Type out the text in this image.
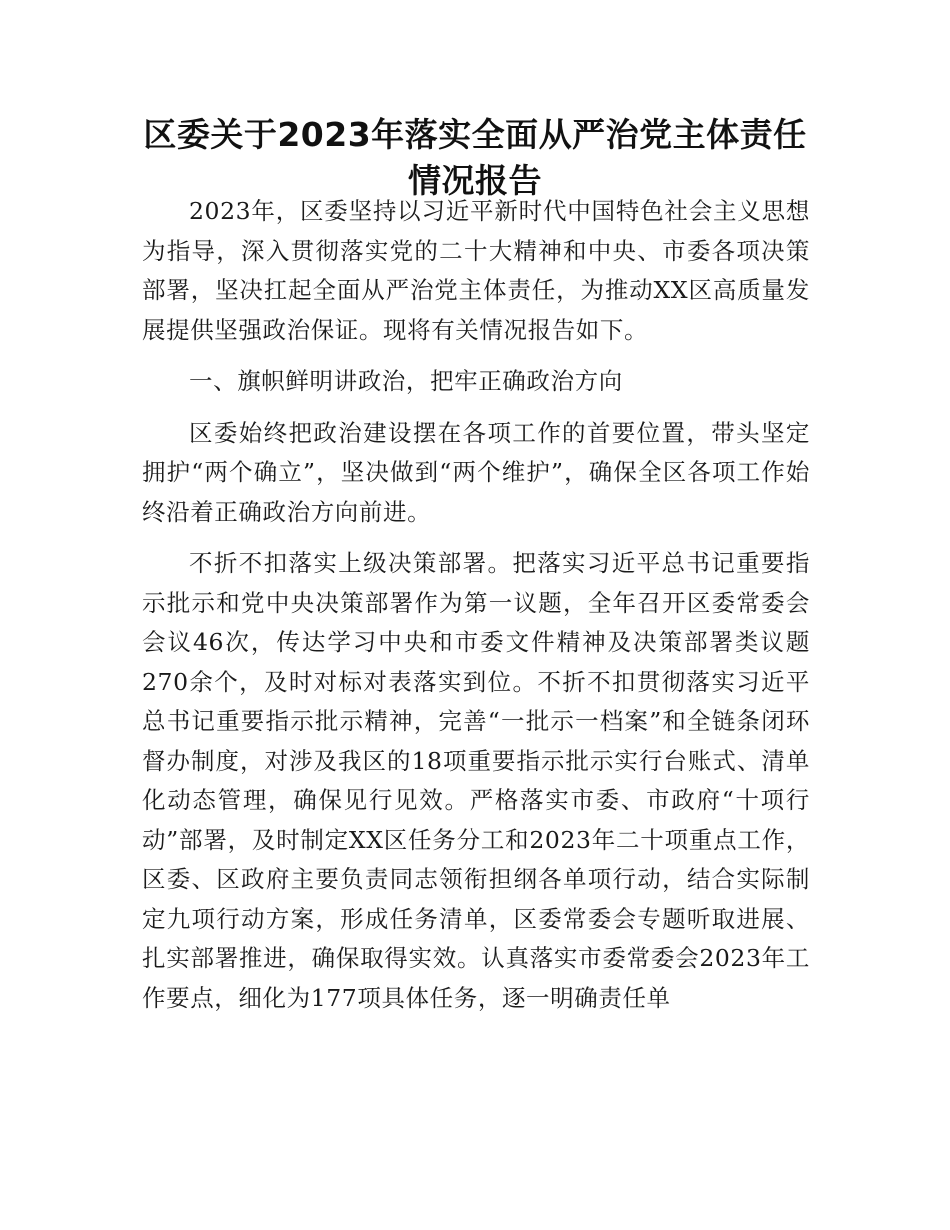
区委关于2023年落实全面从严治党主体责任情况报告

2023年，区委坚持以习近平新时代中国特色社会主义思想为指导，深入贯彻落实党的二十大精神和中央、市委各项决策部署，坚决扛起全面从严治党主体责任，为推动XX区高质量发展提供坚强政治保证。现将有关情况报告如下。

一、旗帜鲜明讲政治，把牢正确政治方向

区委始终把政治建设摆在各项工作的首要位置，带头坚定拥护“两个确立”，坚决做到“两个维护”，确保全区各项工作始终沿着正确政治方向前进。

不折不扣落实上级决策部署。把落实习近平总书记重要指示批示和党中央决策部署作为第一议题，全年召开区委常委会会议46次，传达学习中央和市委文件精神及决策部署类议题270余个，及时对标对表落实到位。不折不扣贯彻落实习近平总书记重要指示批示精神，完善“一批示一档案”和全链条闭环督办制度，对涉及我区的18项重要指示批示实行台账式、清单化动态管理，确保见行见效。严格落实市委、市政府“十项行动”部署，及时制定XX区任务分工和2023年二十项重点工作，区委、区政府主要负责同志领衔担纲各单项行动，结合实际制定九项行动方案，形成任务清单，区委常委会专题听取进展、扎实部署推进，确保取得实效。认真落实市委常委会2023年工作要点，细化为177项具体任务，逐一明确责任单
